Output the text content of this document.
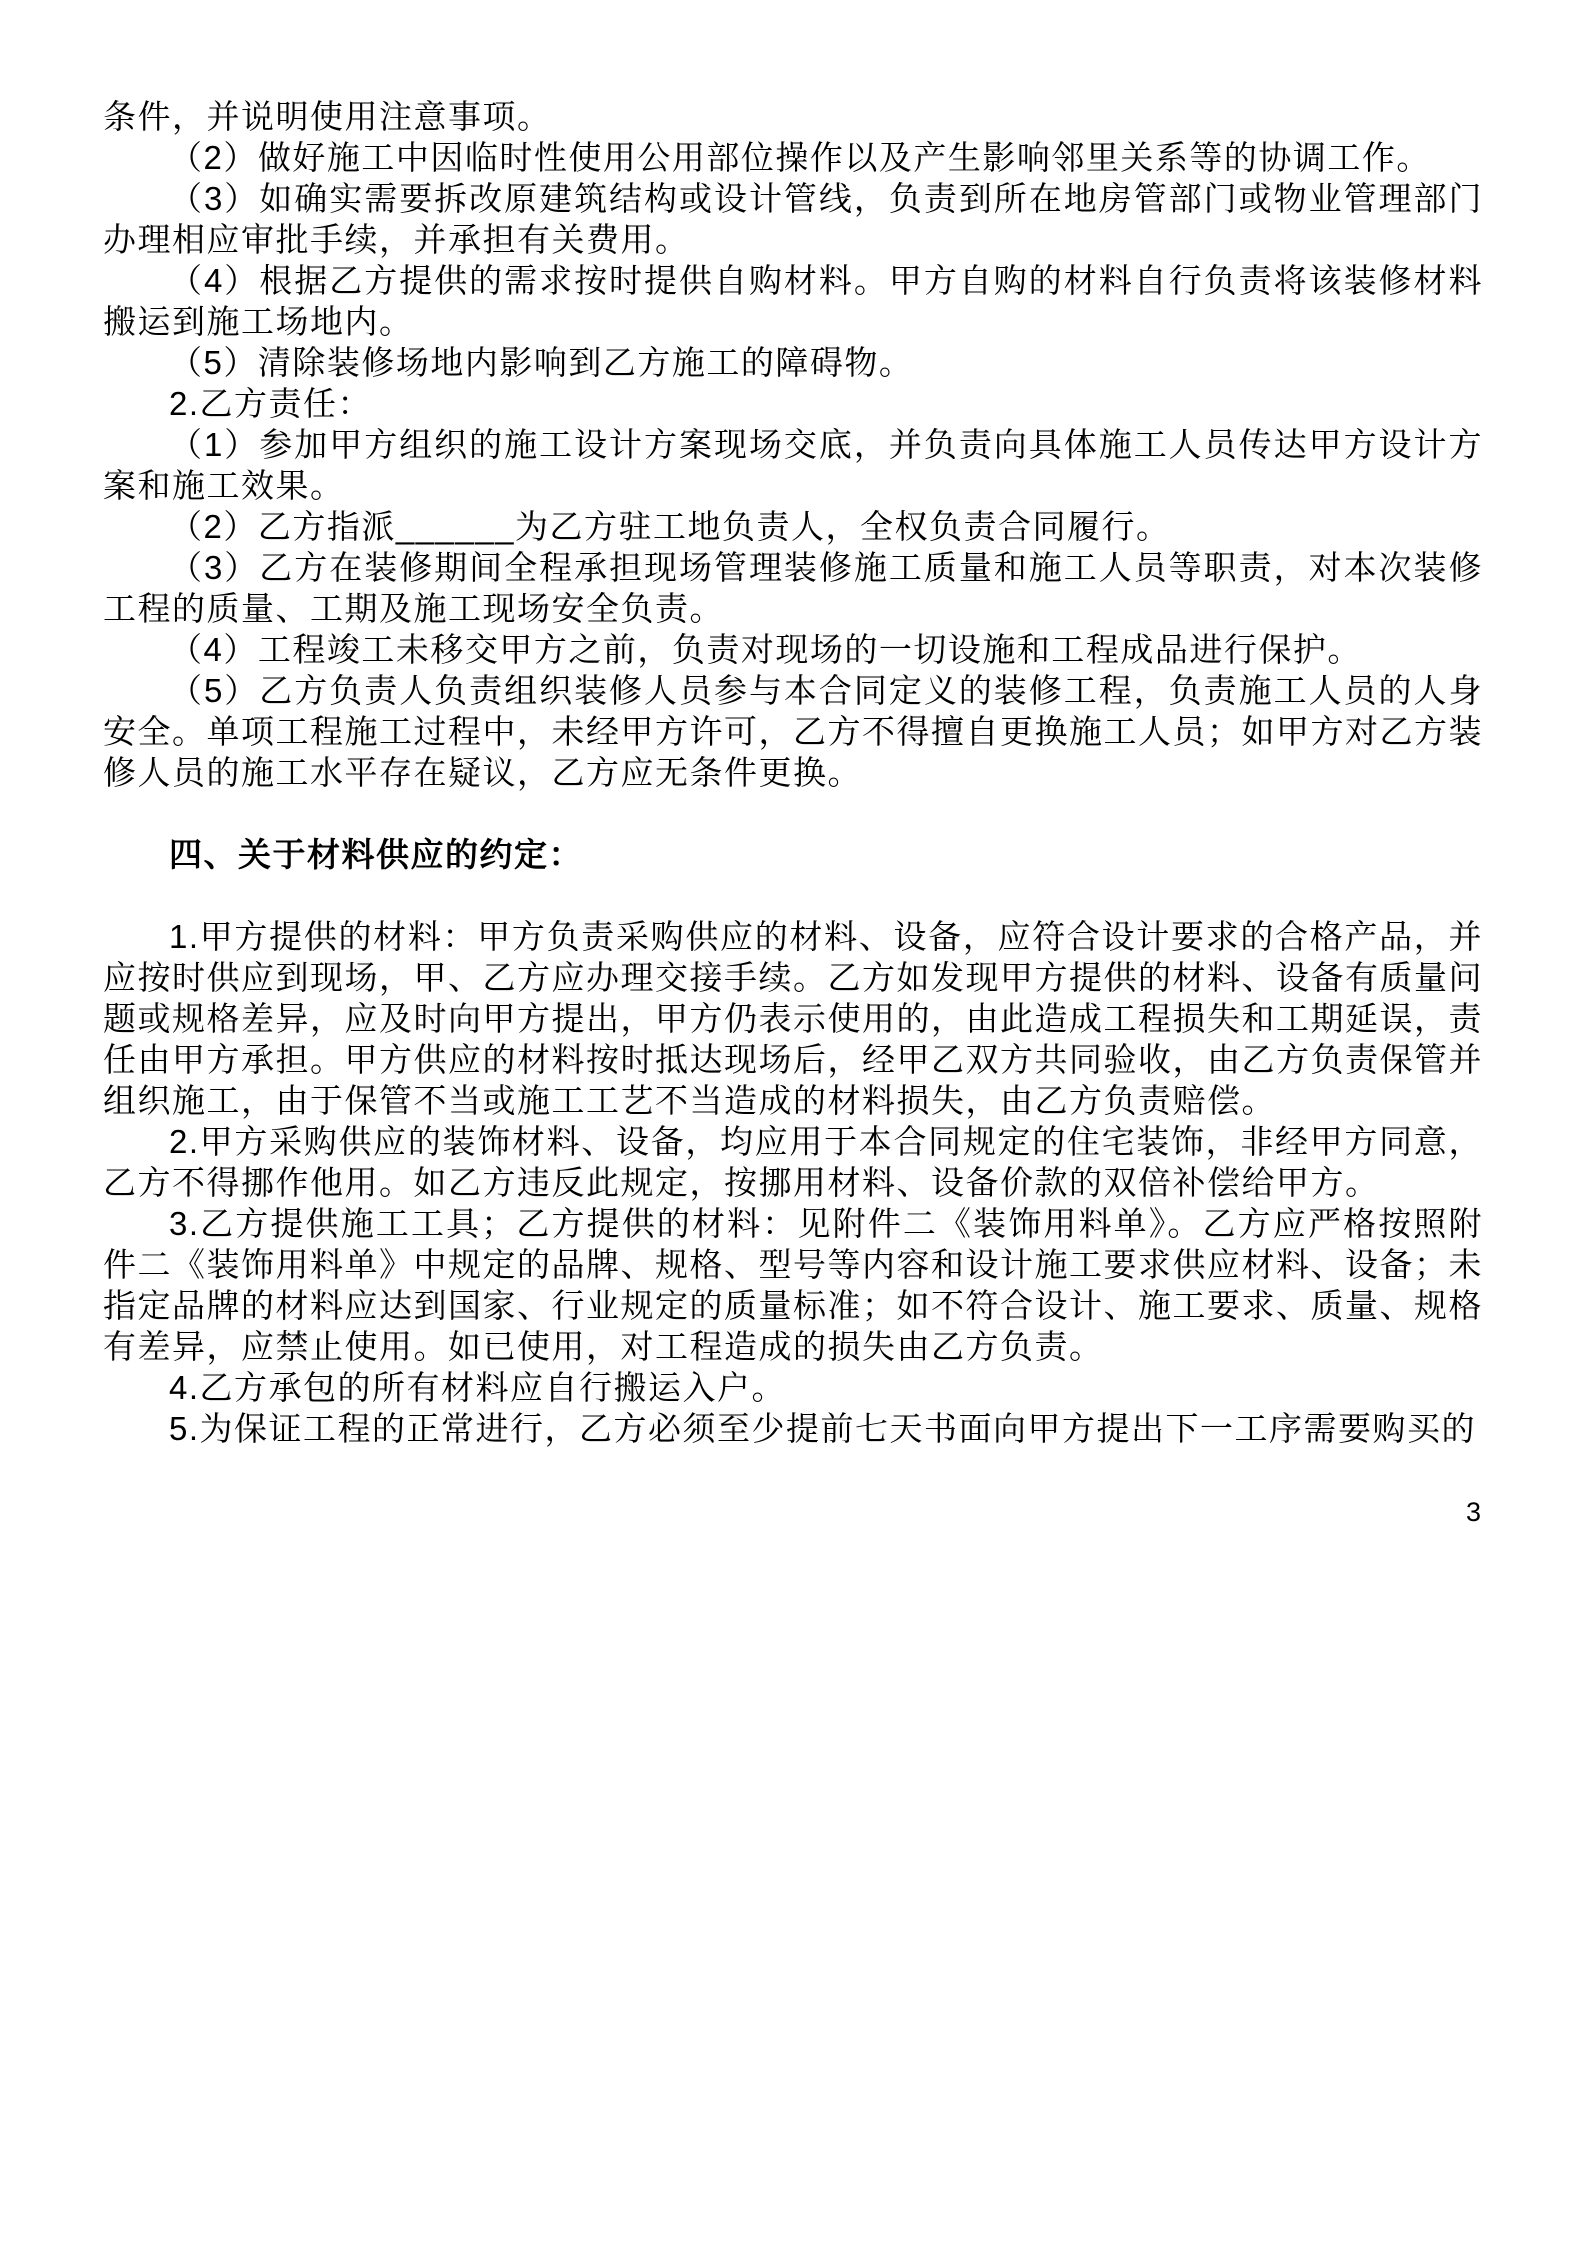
条件，并说明使用注意事项。

（2）做好施工中因临时性使用公用部位操作以及产生影响邻里关系等的协调工作。

（3）如确实需要拆改原建筑结构或设计管线，负责到所在地房管部门或物业管理部门办理相应审批手续，并承担有关费用。

（4）根据乙方提供的需求按时提供自购材料。甲方自购的材料自行负责将该装修材料搬运到施工场地内。

（5）清除装修场地内影响到乙方施工的障碍物。

2.乙方责任：

（1）参加甲方组织的施工设计方案现场交底，并负责向具体施工人员传达甲方设计方案和施工效果。

（2）乙方指派______为乙方驻工地负责人，全权负责合同履行。

（3）乙方在装修期间全程承担现场管理装修施工质量和施工人员等职责，对本次装修工程的质量、工期及施工现场安全负责。

（4）工程竣工未移交甲方之前，负责对现场的一切设施和工程成品进行保护。

（5）乙方负责人负责组织装修人员参与本合同定义的装修工程，负责施工人员的人身安全。单项工程施工过程中，未经甲方许可，乙方不得擅自更换施工人员；如甲方对乙方装修人员的施工水平存在疑议，乙方应无条件更换。

四、关于材料供应的约定：

1.甲方提供的材料：甲方负责采购供应的材料、设备，应符合设计要求的合格产品，并应按时供应到现场，甲、乙方应办理交接手续。乙方如发现甲方提供的材料、设备有质量问题或规格差异，应及时向甲方提出，甲方仍表示使用的，由此造成工程损失和工期延误，责任由甲方承担。甲方供应的材料按时抵达现场后，经甲乙双方共同验收，由乙方负责保管并组织施工，由于保管不当或施工工艺不当造成的材料损失，由乙方负责赔偿。

2.甲方采购供应的装饰材料、设备，均应用于本合同规定的住宅装饰，非经甲方同意，乙方不得挪作他用。如乙方违反此规定，按挪用材料、设备价款的双倍补偿给甲方。

3.乙方提供施工工具；乙方提供的材料：见附件二《装饰用料单》。乙方应严格按照附件二《装饰用料单》中规定的品牌、规格、型号等内容和设计施工要求供应材料、设备；未指定品牌的材料应达到国家、行业规定的质量标准；如不符合设计、施工要求、质量、规格有差异，应禁止使用。如已使用，对工程造成的损失由乙方负责。

4.乙方承包的所有材料应自行搬运入户。

5.为保证工程的正常进行，乙方必须至少提前七天书面向甲方提出下一工序需要购买的

3
